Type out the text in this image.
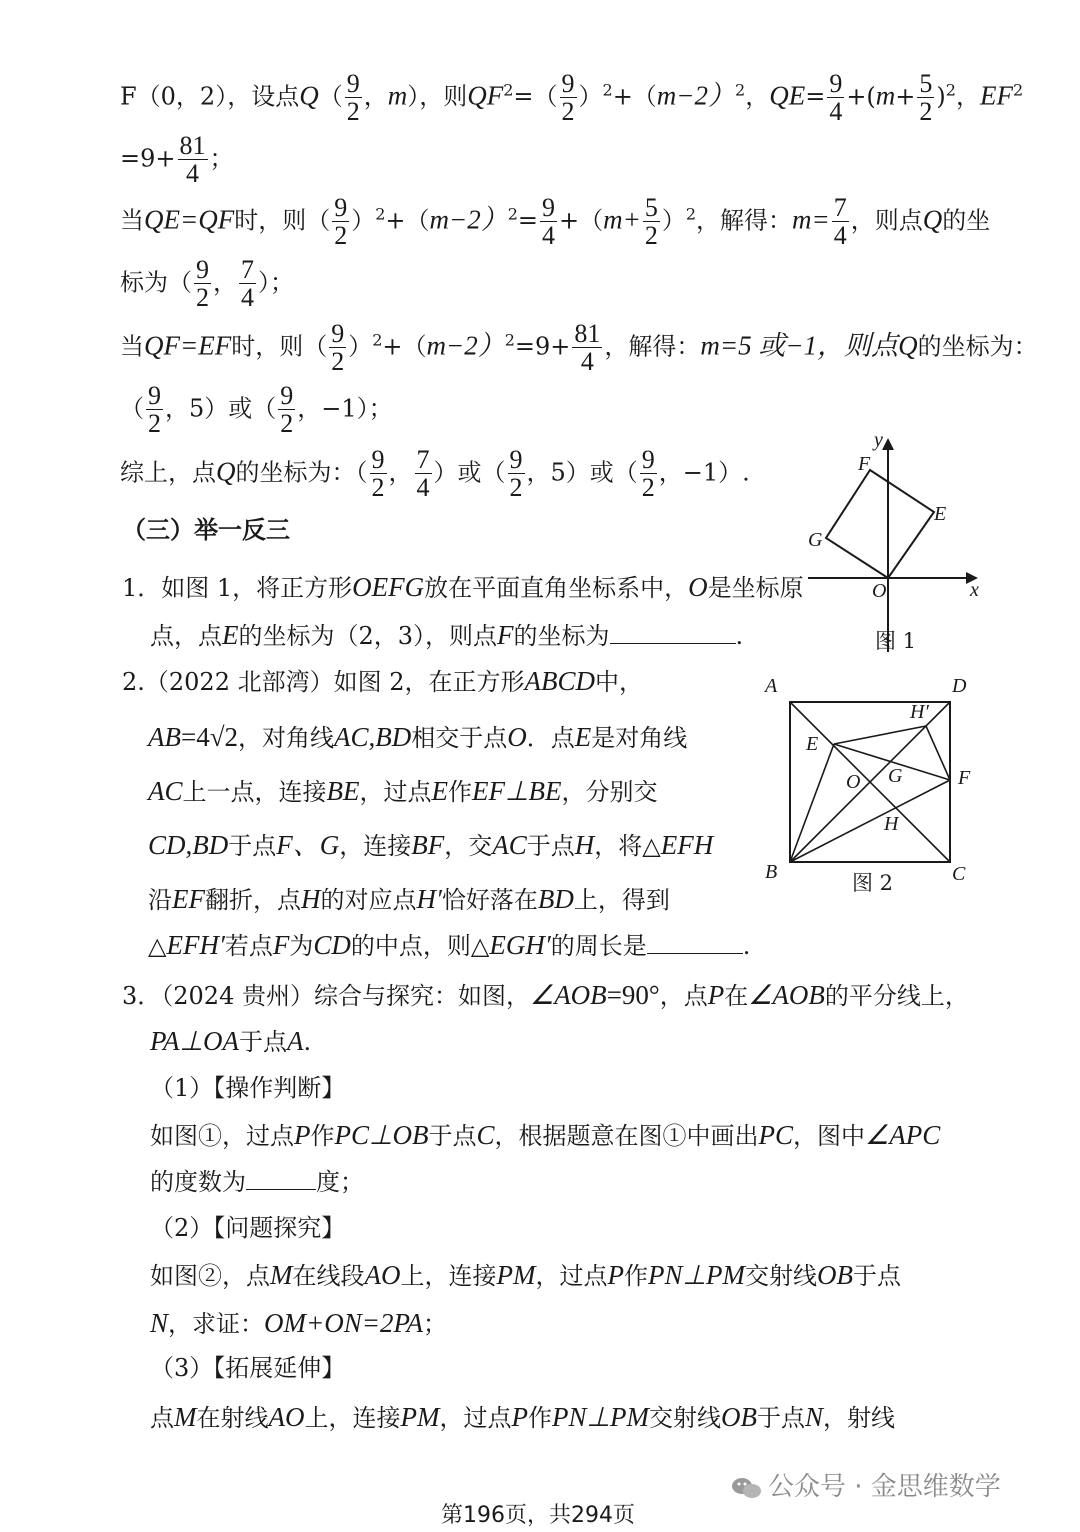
F（0，2），设点$Q( \frac{9}{2}$ ，m），则$QF^2=( \frac{9}{2} )^2+(m-2)^2$，$QE= \frac{9}{4} +(m+ \frac{5}{2} )^2$，$EF^2$
$=9+ \frac{81}{4}$ ；
当QE=QF时，则（ $\frac{9}{2} )^2+(m-2)^2= \frac{9}{4} +(m+ \frac{5}{2} )^2$，解得：$m= \frac{7}{4}$ ，则点Q的坐
标为（ $\frac{9}{2}$ ， $\frac{7}{4}$ ）；
当QF=EF时，则（ $\frac{9}{2} )^2+(m-2)^2=9+ \frac{81}{4}$ ，解得：m=5 或−1，则点Q的坐标为：
（ $\frac{9}{2}$ ，5）或（ $\frac{9}{2}$ ，−1）；
综上，点Q的坐标为：（ $\frac{9}{2}$ ， $\frac{7}{4}$ ）或（ $\frac{9}{2}$ ，5）或（ $\frac{9}{2}$ ，−1）.
（三）举一反三
x
y
O
E
F
G
图 1
1．如图 1，将正方形OEFG放在平面直角坐标系中，O是坐标原
点，点E的坐标为（2，3），则点F的坐标为	.
A	D
B	C
E
F
H′
O G
H
图 2
2.（2022 北部湾）如图 2，在正方形ABCD中，
AB=4√2，对角线AC,BD相交于点O．点E是对角线
AC上一点，连接BE，过点E作EF⊥BE，分别交
CD,BD于点F、G，连接BF，交AC于点H，将△EFH
沿EF翻折，点H的对应点H′恰好落在BD上，得到
△EFH′若点F为CD的中点，则△EGH′的周长是	.
3．（2024 贵州）综合与探究：如图，∠AOB=90°，点P在∠AOB的平分线上，
PA⊥OA于点A.
（1）【操作判断】
如图①，过点P作PC⊥OB于点C，根据题意在图①中画出PC，图中∠APC
的度数为	度；
（2）【问题探究】
如图②，点M在线段AO上，连接PM，过点P作PN⊥PM交射线OB于点
N，求证：OM+ON=2PA；
（3）【拓展延伸】
点M在射线AO上，连接PM，过点P作PN⊥PM交射线OB于点N，射线
公众号 · 金思维数学
第196页，共294页
